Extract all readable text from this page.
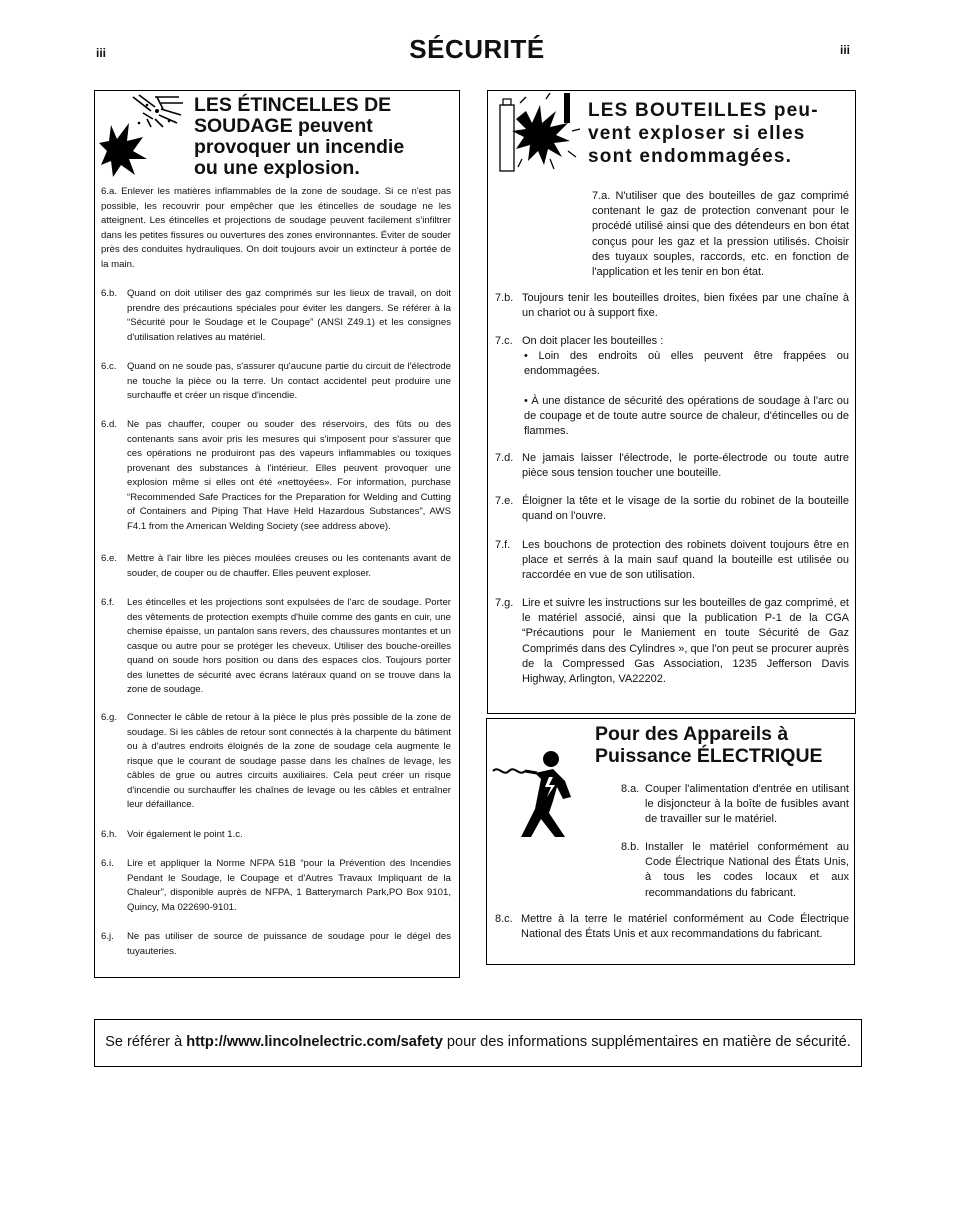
iii	iii
SÉCURITÉ
LES ÉTINCELLES DE
SOUDAGE peuvent
provoquer un incendie
ou une explosion.
6.a. Enlever les matières inflammables de la zone de soudage. Si ce n'est pas possible, les recouvrir pour empêcher que les étincelles de soudage ne les atteignent. Les étincelles et projections de soudage peuvent facilement s'infiltrer dans les petites fissures ou ouvertures des zones environnantes. Éviter de souder près des conduites hydrauliques. On doit toujours avoir un extincteur à portée de la main.
6.b. Quand on doit utiliser des gaz comprimés sur les lieux de travail, on doit prendre des précautions spéciales pour éviter les dangers. Se référer à la “Sécurité pour le Soudage et le Coupage” (ANSI Z49.1) et les consignes d'utilisation relatives au matériel.
6.c. Quand on ne soude pas, s'assurer qu'aucune partie du circuit de l'électrode ne touche la pièce ou la terre. Un contact accidentel peut produire une surchauffe et créer un risque d'incendie.
6.d. Ne pas chauffer, couper ou souder des réservoirs, des fûts ou des contenants sans avoir pris les mesures qui s'imposent pour s'assurer que ces opérations ne produiront pas des vapeurs inflammables ou toxiques provenant des substances à l'intérieur. Elles peuvent provoquer une explosion même si elles ont été «nettoyées». For information, purchase “Recommended Safe Practices for the Preparation for Welding and Cutting of Containers and Piping That Have Held Hazardous Substances”, AWS F4.1 from the American Welding Society (see address above).
6.e. Mettre à l'air libre les pièces moulées creuses ou les contenants avant de souder, de couper ou de chauffer. Elles peuvent exploser.
6.f. Les étincelles et les projections sont expulsées de l'arc de soudage. Porter des vêtements de protection exempts d'huile comme des gants en cuir, une chemise épaisse, un pantalon sans revers, des chaussures montantes et un casque ou autre pour se protéger les cheveux. Utiliser des bouche-oreilles quand on soude hors position ou dans des espaces clos. Toujours porter des lunettes de sécurité avec écrans latéraux quand on se trouve dans la zone de soudage.
6.g. Connecter le câble de retour à la pièce le plus près possible de la zone de soudage. Si les câbles de retour sont connectés à la charpente du bâtiment ou à d'autres endroits éloignés de la zone de soudage cela augmente le risque que le courant de soudage passe dans les chaînes de levage, les câbles de grue ou autres circuits auxiliaires. Cela peut créer un risque d'incendie ou surchauffer les chaînes de levage ou les câbles et entraîner leur défaillance.
6.h. Voir également le point 1.c.
6.i. Lire et appliquer la Norme NFPA 51B “pour la Prévention des Incendies Pendant le Soudage, le Coupage et d'Autres Travaux Impliquant de la Chaleur”, disponible auprès de NFPA, 1 Batterymarch Park,PO Box 9101, Quincy, Ma 022690-9101.
6.j. Ne pas utiliser de source de puissance de soudage pour le dégel des tuyauteries.
LES BOUTEILLES peu-
vent exploser si elles
sont endommagées.
7.a. N'utiliser que des bouteilles de gaz comprimé contenant le gaz de protection convenant pour le procédé utilisé ainsi que des détendeurs en bon état conçus pour les gaz et la pression utilisés. Choisir des tuyaux souples, raccords, etc. en fonction de l'application et les tenir en bon état.
7.b. Toujours tenir les bouteilles droites, bien fixées par une chaîne à un chariot ou à support fixe.
7.c. On doit placer les bouteilles :
• Loin des endroits où elles peuvent être frappées ou endommagées.
• À une distance de sécurité des opérations de soudage à l'arc ou de coupage et de toute autre source de chaleur, d'étincelles ou de flammes.
7.d. Ne jamais laisser l'électrode, le porte-électrode ou toute autre pièce sous tension toucher une bouteille.
7.e. Éloigner la tête et le visage de la sortie du robinet de la bouteille quand on l'ouvre.
7.f. Les bouchons de protection des robinets doivent toujours être en place et serrés à la main sauf quand la bouteille est utilisée ou raccordée en vue de son utilisation.
7.g. Lire et suivre les instructions sur les bouteilles de gaz comprimé, et le matériel associé, ainsi que la publication P-1 de la CGA “Précautions pour le Maniement en toute Sécurité de Gaz Comprimés dans des Cylindres », que l'on peut se procurer auprès de la Compressed Gas Association, 1235 Jefferson Davis Highway, Arlington, VA22202.
Pour des Appareils à
Puissance ÉLECTRIQUE
8.a. Couper l'alimentation d'entrée en utilisant le disjoncteur à la boîte de fusibles avant de travailler sur le matériel.
8.b. Installer le matériel conformément au Code Électrique National des États Unis, à tous les codes locaux et aux recommandations du fabricant.
8.c. Mettre à la terre le matériel conformément au Code Électrique National des États Unis et aux recommandations du fabricant.
Se référer à http://www.lincolnelectric.com/safety pour des informations supplémentaires en matière de sécurité.
